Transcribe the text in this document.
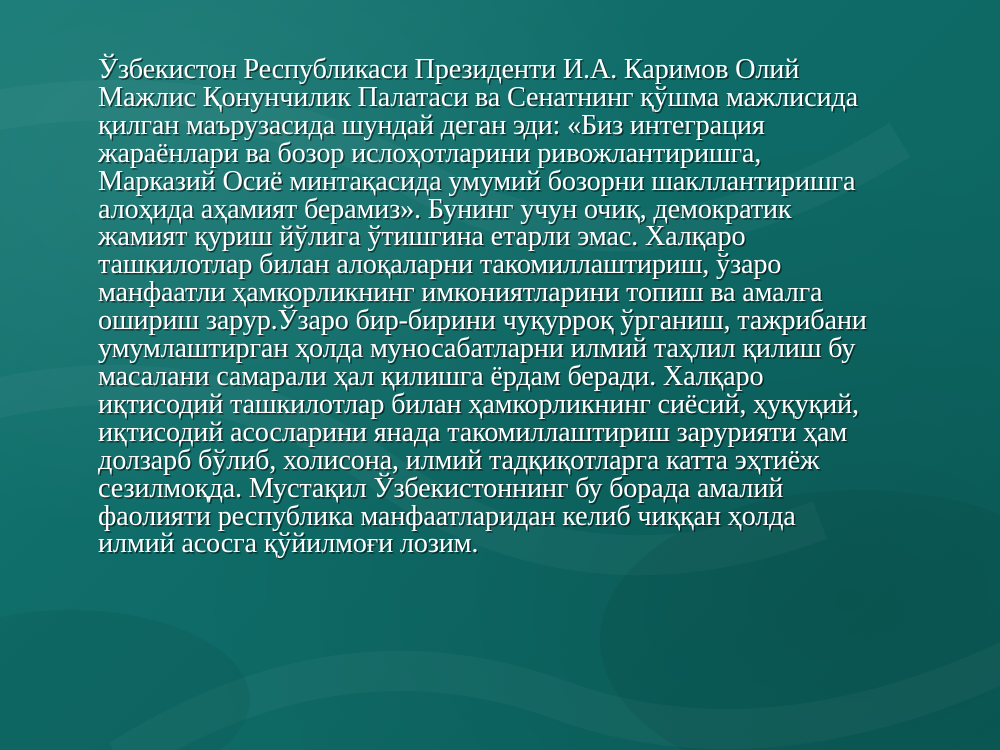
Ўзбекистон Республикаси Президенти И.А. Каримов Олий
Мажлис Қонунчилик Палатаси ва Сенатнинг қўшма мажлисида
қилган маърузасида шундай деган эди: «Биз интеграция
жараёнлари ва бозор ислоҳотларини ривожлантиришга,
Марказий Осиё минтақасида умумий бозорни шакллантиришга
алоҳида аҳамият берамиз». Бунинг учун очиқ, демократик
жамият қуриш йўлига ўтишгина етарли эмас. Халқаро
ташкилотлар билан алоқаларни такомиллаштириш, ўзаро
манфаатли ҳамкорликнинг имкониятларини топиш ва амалга
ошириш зарур.Ўзаро бир-бирини чуқурроқ ўрганиш, тажрибани
умумлаштирган ҳолда муносабатларни илмий таҳлил қилиш бу
масалани самарали ҳал қилишга ёрдам беради. Халқаро
иқтисодий ташкилотлар билан ҳамкорликнинг сиёсий, ҳуқуқий,
иқтисодий асосларини янада такомиллаштириш зарурияти ҳам
долзарб бўлиб, холисона, илмий тадқиқотларга катта эҳтиёж
сезилмоқда. Мустақил Ўзбекистоннинг бу борада амалий
фаолияти республика манфаатларидан келиб чиққан ҳолда
илмий асосга қўйилмоғи лозим.
